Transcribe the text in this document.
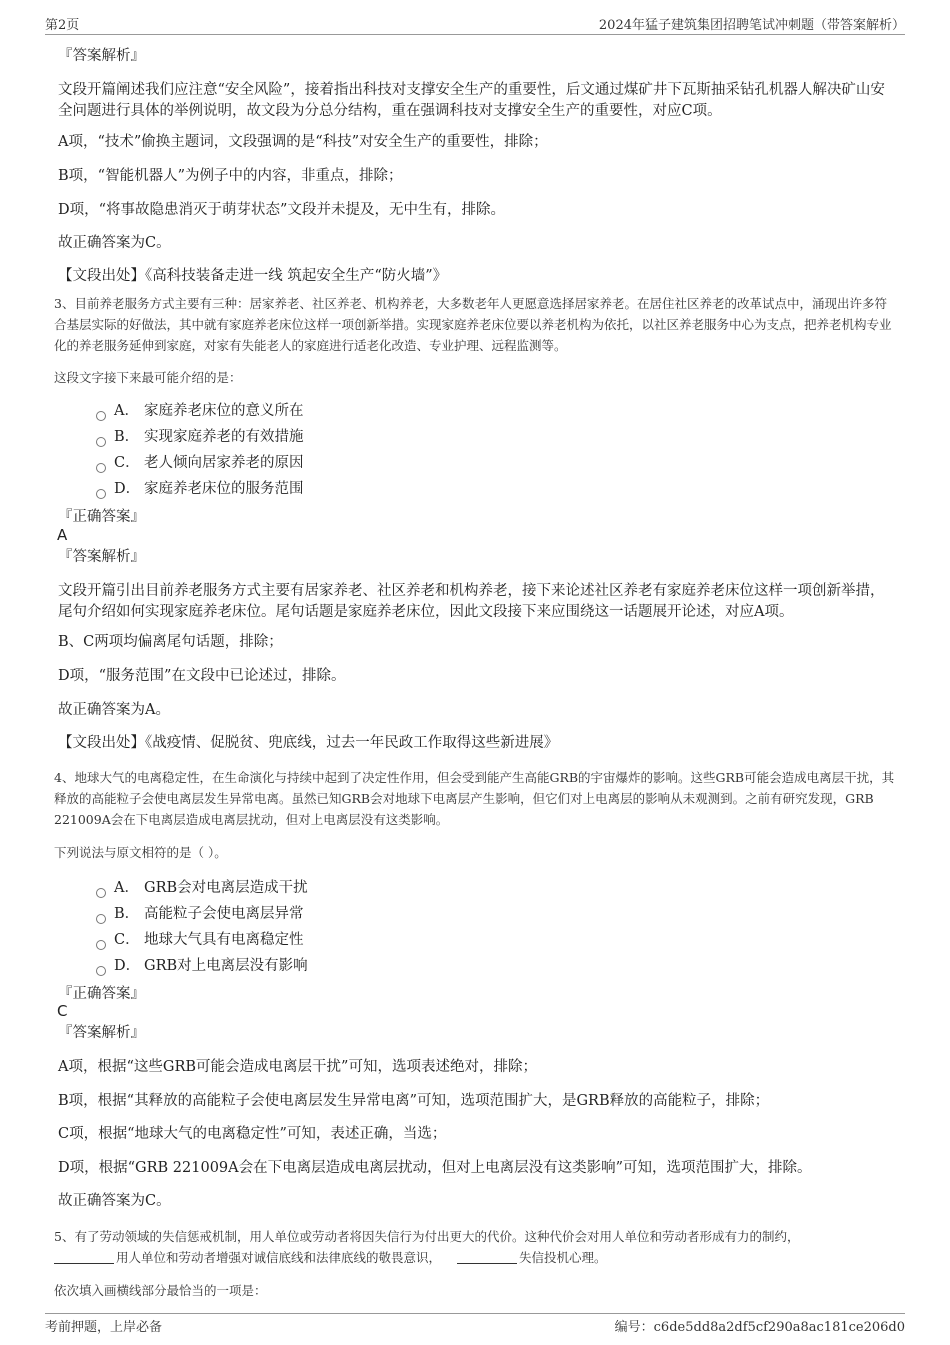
第2页	2024年猛子建筑集团招聘笔试冲刺题（带答案解析）
『答案解析』
文段开篇阐述我们应注意“安全风险”，接着指出科技对支撑安全生产的重要性，后文通过煤矿井下瓦斯抽采钻孔机器人解决矿山安全问题进行具体的举例说明，故文段为分总分结构，重在强调科技对支撑安全生产的重要性，对应C项。
A项，“技术”偷换主题词，文段强调的是“科技”对安全生产的重要性，排除；
B项，“智能机器人”为例子中的内容，非重点，排除；
D项，“将事故隐患消灭于萌芽状态”文段并未提及，无中生有，排除。
故正确答案为C。
【文段出处】《高科技装备走进一线 筑起安全生产“防火墙”》
3、目前养老服务方式主要有三种：居家养老、社区养老、机构养老，大多数老年人更愿意选择居家养老。在居住社区养老的改革试点中，涌现出许多符合基层实际的好做法，其中就有家庭养老床位这样一项创新举措。实现家庭养老床位要以养老机构为依托，以社区养老服务中心为支点，把养老机构专业化的养老服务延伸到家庭，对家有失能老人的家庭进行适老化改造、专业护理、远程监测等。
这段文字接下来最可能介绍的是：
A． 家庭养老床位的意义所在
B． 实现家庭养老的有效措施
C． 老人倾向居家养老的原因
D． 家庭养老床位的服务范围
『正确答案』
A
『答案解析』
文段开篇引出目前养老服务方式主要有居家养老、社区养老和机构养老，接下来论述社区养老有家庭养老床位这样一项创新举措，尾句介绍如何实现家庭养老床位。尾句话题是家庭养老床位，因此文段接下来应围绕这一话题展开论述，对应A项。
B、C两项均偏离尾句话题，排除；
D项，“服务范围”在文段中已论述过，排除。
故正确答案为A。
【文段出处】《战疫情、促脱贫、兜底线，过去一年民政工作取得这些新进展》
4、地球大气的电离稳定性，在生命演化与持续中起到了决定性作用，但会受到能产生高能GRB的宇宙爆炸的影响。这些GRB可能会造成电离层干扰，其释放的高能粒子会使电离层发生异常电离。虽然已知GRB会对地球下电离层产生影响，但它们对上电离层的影响从未观测到。之前有研究发现，GRB 221009A会在下电离层造成电离层扰动，但对上电离层没有这类影响。
下列说法与原文相符的是（ ）。
A． GRB会对电离层造成干扰
B． 高能粒子会使电离层异常
C． 地球大气具有电离稳定性
D． GRB对上电离层没有影响
『正确答案』
C
『答案解析』
A项，根据“这些GRB可能会造成电离层干扰”可知，选项表述绝对，排除；
B项，根据“其释放的高能粒子会使电离层发生异常电离”可知，选项范围扩大，是GRB释放的高能粒子，排除；
C项，根据“地球大气的电离稳定性”可知，表述正确，当选；
D项，根据“GRB 221009A会在下电离层造成电离层扰动，但对上电离层没有这类影响”可知，选项范围扩大，排除。
故正确答案为C。
5、有了劳动领域的失信惩戒机制，用人单位或劳动者将因失信行为付出更大的代价。这种代价会对用人单位和劳动者形成有力的制约，
用人单位和劳动者增强对诚信底线和法律底线的敬畏意识，	失信投机心理。
依次填入画横线部分最恰当的一项是：
考前押题，上岸必备	编号：c6de5dd8a2df5cf290a8ac181ce206d0
